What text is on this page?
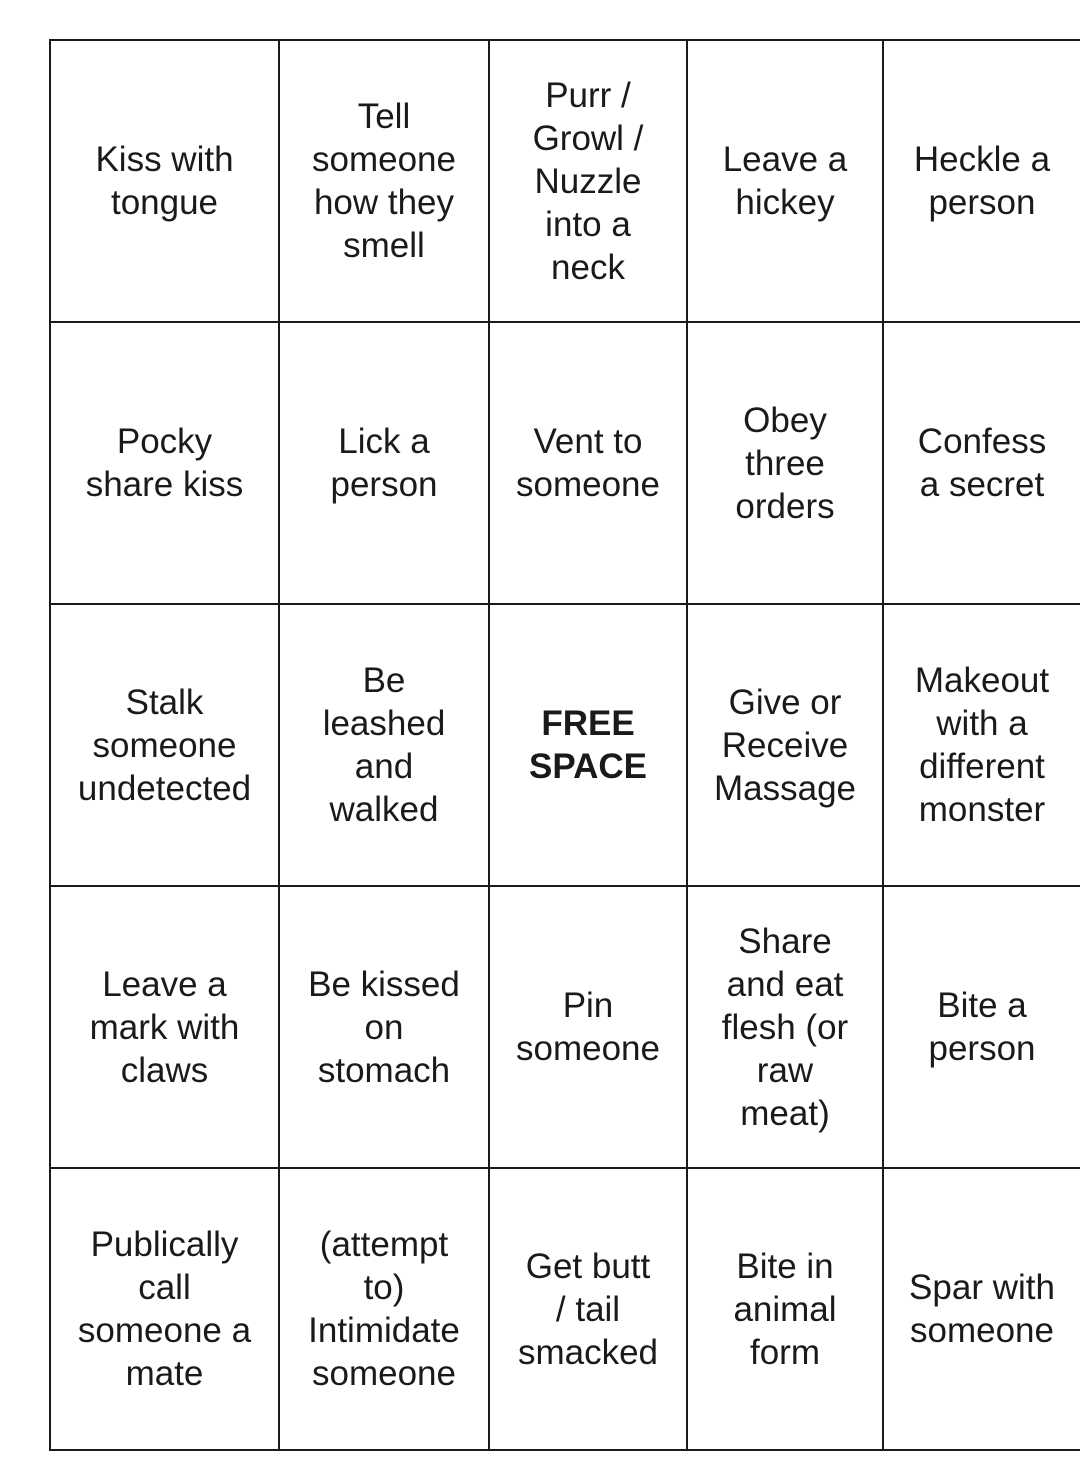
Kiss with
tongue
Tell
someone
how they
smell
Purr /
Growl /
Nuzzle
into a
neck
Leave a
hickey
Heckle a
person
Pocky
share kiss
Lick a
person
Vent to
someone
Obey
three
orders
Confess
a secret
Stalk
someone
undetected
Be
leashed
and
walked
FREE
SPACE
Give or
Receive
Massage
Makeout
with a
different
monster
Leave a
mark with
claws
Be kissed
on
stomach
Pin
someone
Share
and eat
flesh (or
raw
meat)
Bite a
person
Publically
call
someone a
mate
(attempt
to)
Intimidate
someone
Get butt
/ tail
smacked
Bite in
animal
form
Spar with
someone
